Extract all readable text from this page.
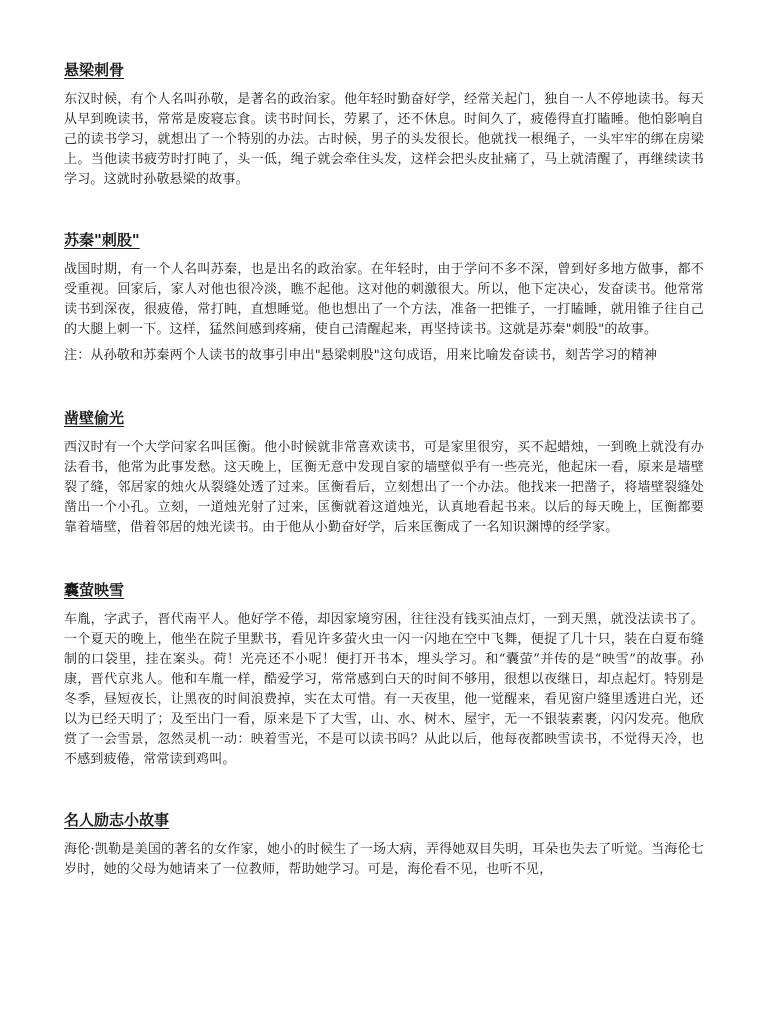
悬梁刺骨

东汉时候，有个人名叫孙敬，是著名的政治家。他年轻时勤奋好学，经常关起门，独自一人不停地读书。每天从早到晚读书，常常是废寝忘食。读书时间长，劳累了，还不休息。时间久了，疲倦得直打瞌睡。他怕影响自己的读书学习，就想出了一个特别的办法。古时候，男子的头发很长。他就找一根绳子，一头牢牢的绑在房梁上。当他读书疲劳时打盹了，头一低，绳子就会牵住头发，这样会把头皮扯痛了，马上就清醒了，再继续读书学习。这就时孙敬悬梁的故事。

苏秦"刺股"

战国时期，有一个人名叫苏秦，也是出名的政治家。在年轻时，由于学问不多不深，曾到好多地方做事，都不受重视。回家后，家人对他也很冷淡，瞧不起他。这对他的刺激很大。所以，他下定决心，发奋读书。他常常读书到深夜，很疲倦，常打盹，直想睡觉。他也想出了一个方法，准备一把锥子，一打瞌睡，就用锥子往自己的大腿上刺一下。这样，猛然间感到疼痛，使自己清醒起来，再坚持读书。这就是苏秦"刺股"的故事。

注：从孙敬和苏秦两个人读书的故事引申出"悬梁刺股"这句成语，用来比喻发奋读书，刻苦学习的精神

凿壁偷光

西汉时有一个大学问家名叫匡衡。他小时候就非常喜欢读书，可是家里很穷，买不起蜡烛，一到晚上就没有办法看书，他常为此事发愁。这天晚上，匡衡无意中发现自家的墙壁似乎有一些亮光，他起床一看，原来是墙壁裂了缝，邻居家的烛火从裂缝处透了过来。匡衡看后，立刻想出了一个办法。他找来一把凿子，将墙壁裂缝处凿出一个小孔。立刻，一道烛光射了过来，匡衡就着这道烛光，认真地看起书来。以后的每天晚上，匡衡都要靠着墙壁，借着邻居的烛光读书。由于他从小勤奋好学，后来匡衡成了一名知识渊博的经学家。

囊萤映雪

车胤，字武子，晋代南平人。他好学不倦，却因家境穷困，往往没有钱买油点灯，一到天黑，就没法读书了。一个夏天的晚上，他坐在院子里默书，看见许多萤火虫一闪一闪地在空中飞舞，便捉了几十只，装在白夏布缝制的口袋里，挂在案头。荷！光亮还不小呢！便打开书本，埋头学习。和“囊萤”并传的是“映雪”的故事。孙康，晋代京兆人。他和车胤一样，酷爱学习，常常感到白天的时间不够用，很想以夜继日，却点起灯。特别是冬季，昼短夜长，让黑夜的时间浪费掉，实在太可惜。有一天夜里，他一觉醒来，看见窗户缝里透进白光，还以为已经天明了；及至出门一看，原来是下了大雪，山、水、树木、屋宇，无一不银装素裹，闪闪发亮。他欣赏了一会雪景，忽然灵机一动：映着雪光，不是可以读书吗？从此以后，他每夜都映雪读书，不觉得天冷，也不感到疲倦，常常读到鸡叫。

名人励志小故事

海伦·凯勒是美国的著名的女作家，她小的时候生了一场大病，弄得她双目失明，耳朵也失去了听觉。当海伦七岁时，她的父母为她请来了一位教师，帮助她学习。可是，海伦看不见，也听不见，
